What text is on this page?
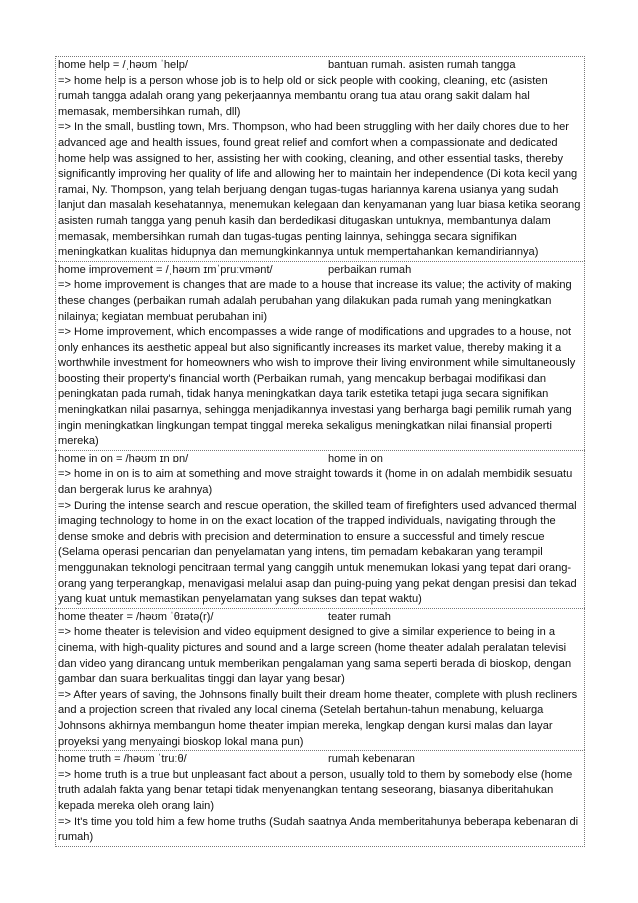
home help = /ˌhəʊm ˈhelp/	bantuan rumah. asisten rumah tangga
=> home help is a person whose job is to help old or sick people with cooking, cleaning, etc (asisten rumah tangga adalah orang yang pekerjaannya membantu orang tua atau orang sakit dalam hal memasak, membersihkan rumah, dll)
=> In the small, bustling town, Mrs. Thompson, who had been struggling with her daily chores due to her advanced age and health issues, found great relief and comfort when a compassionate and dedicated home help was assigned to her, assisting her with cooking, cleaning, and other essential tasks, thereby significantly improving her quality of life and allowing her to maintain her independence (Di kota kecil yang ramai, Ny. Thompson, yang telah berjuang dengan tugas-tugas hariannya karena usianya yang sudah lanjut dan masalah kesehatannya, menemukan kelegaan dan kenyamanan yang luar biasa ketika seorang asisten rumah tangga yang penuh kasih dan berdedikasi ditugaskan untuknya, membantunya dalam memasak, membersihkan rumah dan tugas-tugas penting lainnya, sehingga secara signifikan meningkatkan kualitas hidupnya dan memungkinkannya untuk mempertahankan kemandiriannya)
home improvement = /ˌhəʊm ɪmˈpruːvmənt/	perbaikan rumah
=> home improvement is changes that are made to a house that increase its value; the activity of making these changes (perbaikan rumah adalah perubahan yang dilakukan pada rumah yang meningkatkan nilainya; kegiatan membuat perubahan ini)
=> Home improvement, which encompasses a wide range of modifications and upgrades to a house, not only enhances its aesthetic appeal but also significantly increases its market value, thereby making it a worthwhile investment for homeowners who wish to improve their living environment while simultaneously boosting their property's financial worth (Perbaikan rumah, yang mencakup berbagai modifikasi dan peningkatan pada rumah, tidak hanya meningkatkan daya tarik estetika tetapi juga secara signifikan meningkatkan nilai pasarnya, sehingga menjadikannya investasi yang berharga bagi pemilik rumah yang ingin meningkatkan lingkungan tempat tinggal mereka sekaligus meningkatkan nilai finansial properti mereka)
home in on = /həʊm ɪn ɒn/	home in on
=> home in on is to aim at something and move straight towards it (home in on adalah membidik sesuatu dan bergerak lurus ke arahnya)
=> During the intense search and rescue operation, the skilled team of firefighters used advanced thermal imaging technology to home in on the exact location of the trapped individuals, navigating through the dense smoke and debris with precision and determination to ensure a successful and timely rescue (Selama operasi pencarian dan penyelamatan yang intens, tim pemadam kebakaran yang terampil menggunakan teknologi pencitraan termal yang canggih untuk menemukan lokasi yang tepat dari orang-orang yang terperangkap, menavigasi melalui asap dan puing-puing yang pekat dengan presisi dan tekad yang kuat untuk memastikan penyelamatan yang sukses dan tepat waktu)
home theater = /həʊm ˈθɪətə(r)/	teater rumah
=> home theater is television and video equipment designed to give a similar experience to being in a cinema, with high-quality pictures and sound and a large screen (home theater adalah peralatan televisi dan video yang dirancang untuk memberikan pengalaman yang sama seperti berada di bioskop, dengan gambar dan suara berkualitas tinggi dan layar yang besar)
=> After years of saving, the Johnsons finally built their dream home theater, complete with plush recliners and a projection screen that rivaled any local cinema (Setelah bertahun-tahun menabung, keluarga Johnsons akhirnya membangun home theater impian mereka, lengkap dengan kursi malas dan layar proyeksi yang menyaingi bioskop lokal mana pun)
home truth = /həʊm ˈtruːθ/	rumah kebenaran
=> home truth is a true but unpleasant fact about a person, usually told to them by somebody else (home truth adalah fakta yang benar tetapi tidak menyenangkan tentang seseorang, biasanya diberitahukan kepada mereka oleh orang lain)
=> It's time you told him a few home truths (Sudah saatnya Anda memberitahunya beberapa kebenaran di rumah)
